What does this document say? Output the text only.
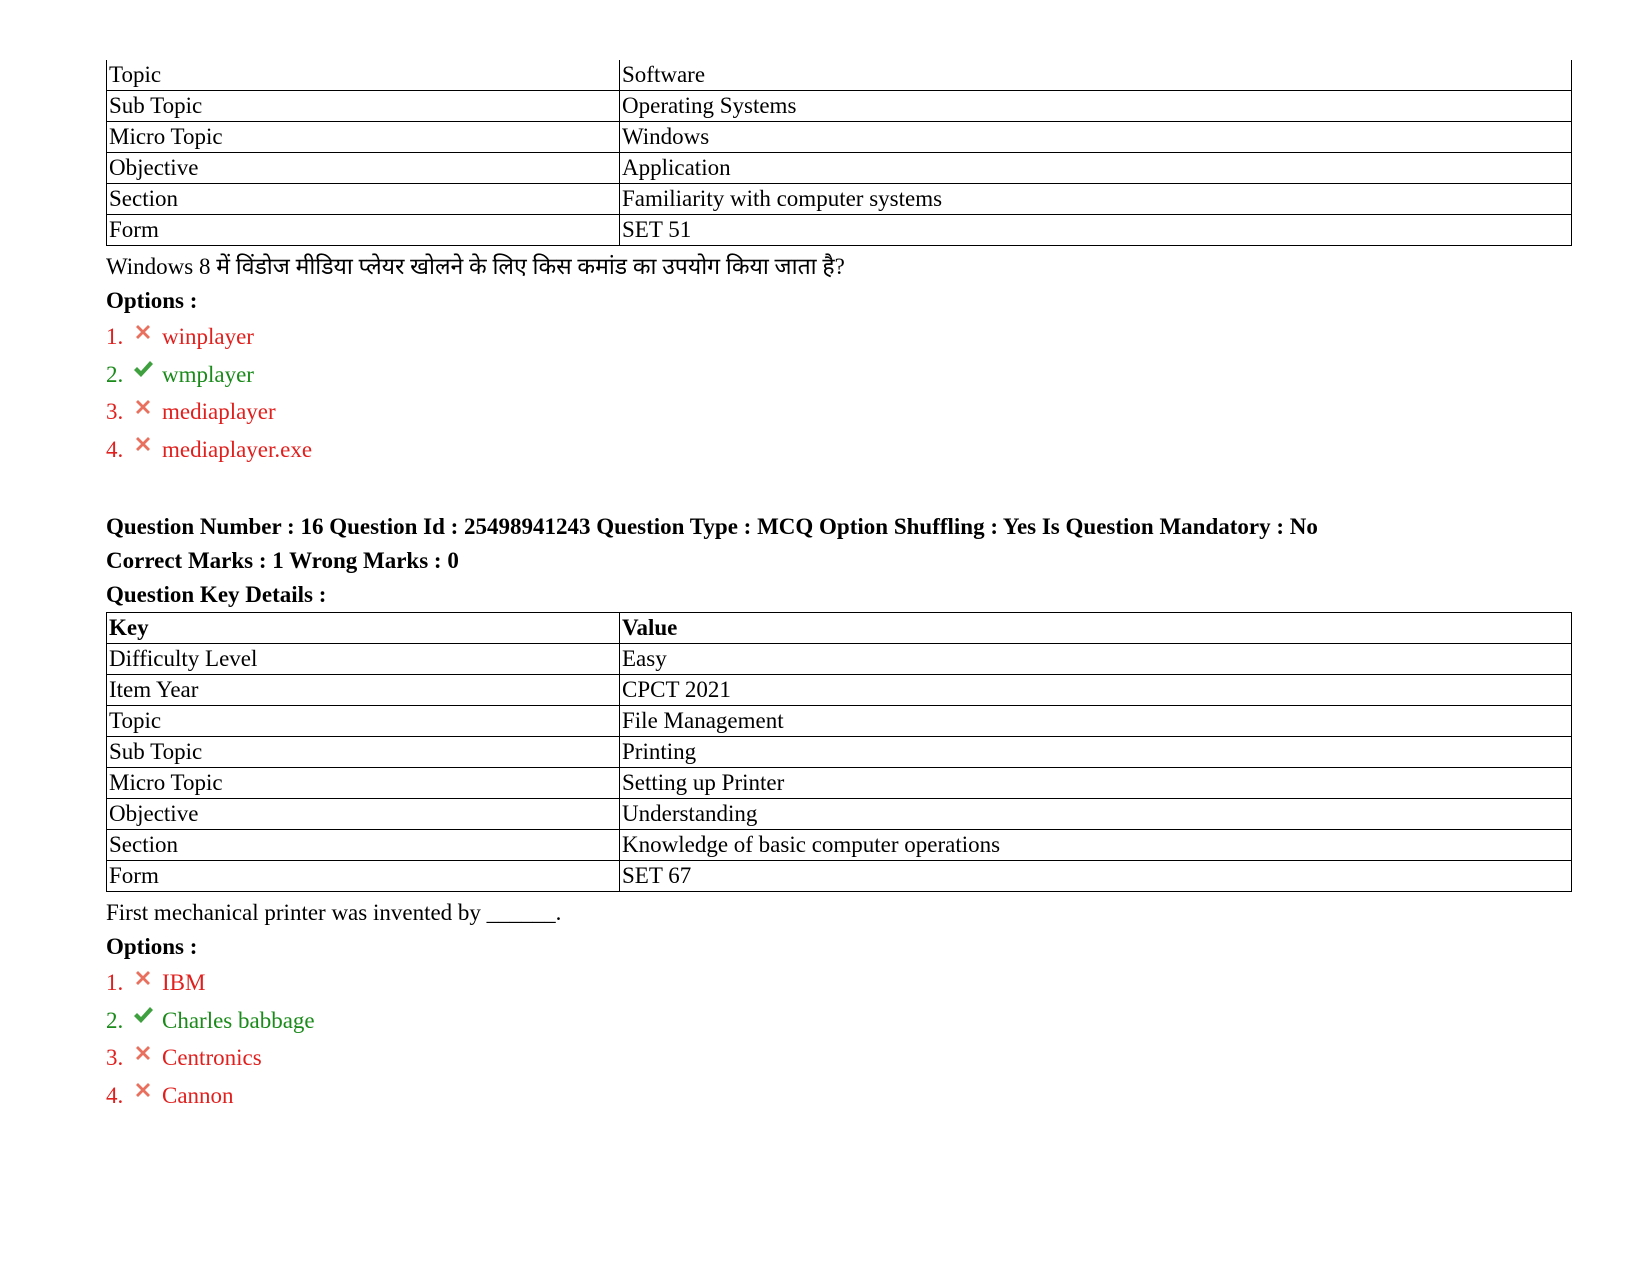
Topic	Software
Sub Topic	Operating Systems
Micro Topic	Windows
Objective	Application
Section	Familiarity with computer systems
Form	SET 51
Windows 8 में विंडोज मीडिया प्लेयर खोलने के लिए किस कमांड का उपयोग किया जाता है?
Options :
1.	winplayer
2.	wmplayer
3.	mediaplayer
4.	mediaplayer.exe
Question Number : 16 Question Id : 25498941243 Question Type : MCQ Option Shuffling : Yes Is Question Mandatory : No
Correct Marks : 1 Wrong Marks : 0
Question Key Details :
Key	Value
Difficulty Level	Easy
Item Year	CPCT 2021
Topic	File Management
Sub Topic	Printing
Micro Topic	Setting up Printer
Objective	Understanding
Section	Knowledge of basic computer operations
Form	SET 67
First mechanical printer was invented by ______.
Options :
1.	IBM
2.	Charles babbage
3.	Centronics
4.	Cannon
